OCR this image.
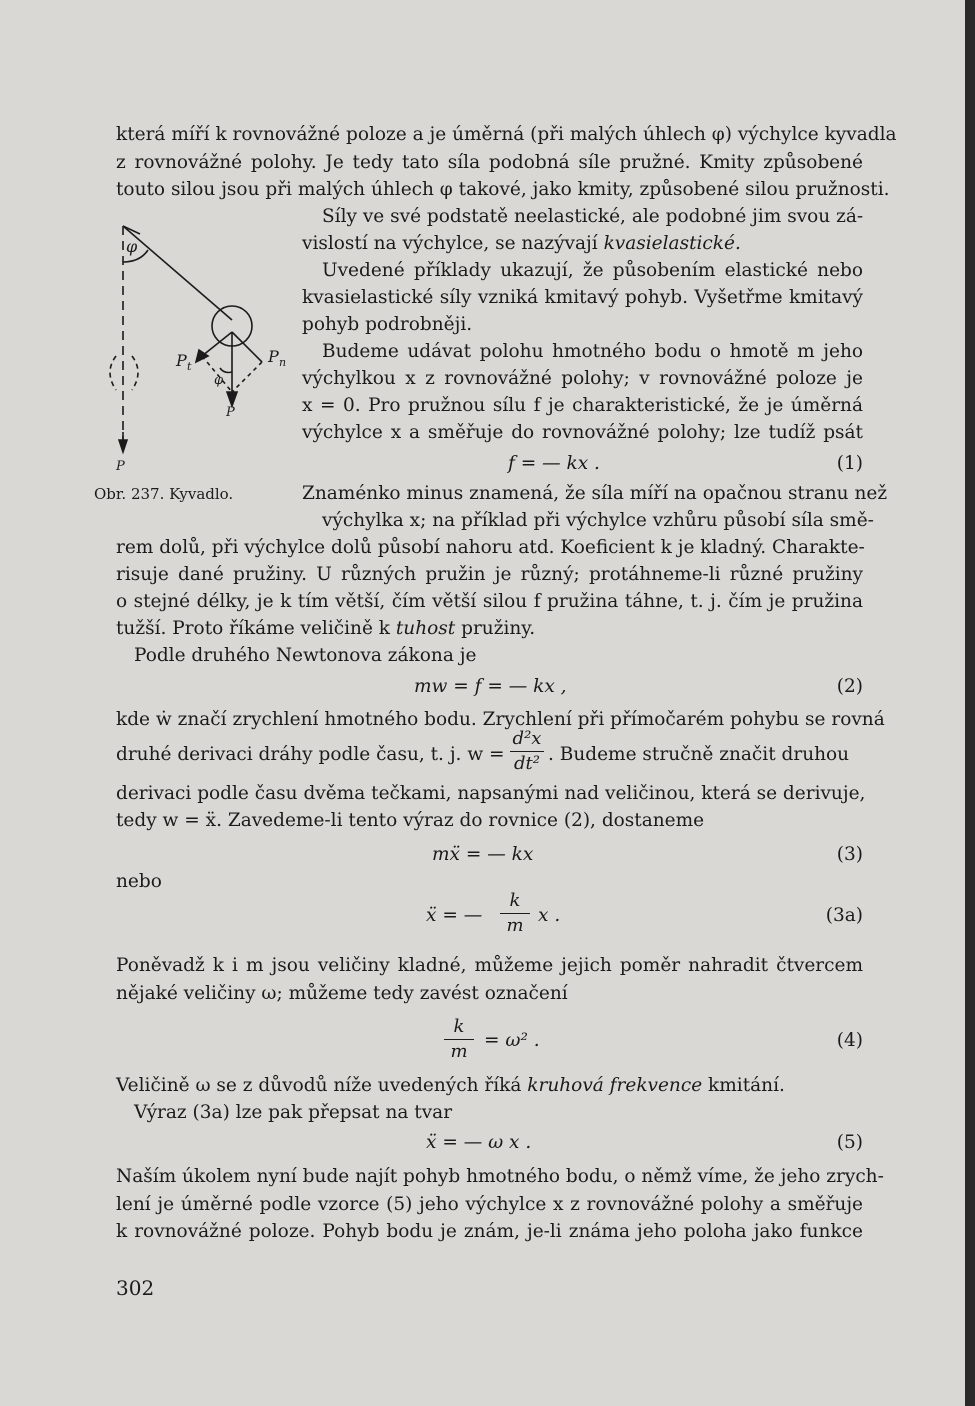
φ
P t
P n
φ
P
P
Obr. 237. Kyvadlo.
která míří k rovnovážné poloze a je úměrná (při malých úhlech φ) výchylce kyvadla
z rovnovážné polohy. Je tedy tato síla podobná síle pružné. Kmity způsobené
touto silou jsou při malých úhlech φ takové, jako kmity, způsobené silou pružnosti.
Síly ve své podstatě neelastické, ale podobné jim svou zá-
vislostí na výchylce, se nazývají kvasielastické.
Uvedené příklady ukazují, že působením elastické nebo
kvasielastické síly vzniká kmitavý pohyb. Vyšetřme kmitavý
pohyb podrobněji.
Budeme udávat polohu hmotného bodu o hmotě m jeho
výchylkou x z rovnovážné polohy; v rovnovážné poloze je
x = 0. Pro pružnou sílu f je charakteristické, že je úměrná
výchylce x a směřuje do rovnovážné polohy; lze tudíž psát
f = — kx .	(1)
Znaménko minus znamená, že síla míří na opačnou stranu než
výchylka x; na příklad při výchylce vzhůru působí síla smě-
rem dolů, při výchylce dolů působí nahoru atd. Koeficient k je kladný. Charakte-
risuje dané pružiny. U různých pružin je různý; protáhneme-li různé pružiny
o stejné délky, je k tím větší, čím větší silou f pružina táhne, t. j. čím je pružina
tužší. Proto říkáme veličině k tuhost pružiny.
Podle druhého Newtonova zákona je
mw = f = — kx ,	(2)
kde ẇ značí zrychlení hmotného bodu. Zrychlení při přímočarém pohybu se rovná
druhé derivaci dráhy podle času, t. j. w =
d²x
dt² . Budeme stručně značit druhou
derivaci podle času dvěma tečkami, napsanými nad veličinou, která se derivuje,
tedy w = ẍ. Zavedeme-li tento výraz do rovnice (2), dostaneme
mẍ = — kx	(3)
nebo
ẍ = —
k
m x .	(3a)
Poněvadž k i m jsou veličiny kladné, můžeme jejich poměr nahradit čtvercem
nějaké veličiny ω; můžeme tedy zavést označení
k
m
= ω² .	(4)
Veličině ω se z důvodů níže uvedených říká kruhová frekvence kmitání.
Výraz (3a) lze pak přepsat na tvar
ẍ = — ω x .	(5)
Naším úkolem nyní bude najít pohyb hmotného bodu, o němž víme, že jeho zrych-
lení je úměrné podle vzorce (5) jeho výchylce x z rovnovážné polohy a směřuje
k rovnovážné poloze. Pohyb bodu je znám, je-li známa jeho poloha jako funkce
302
